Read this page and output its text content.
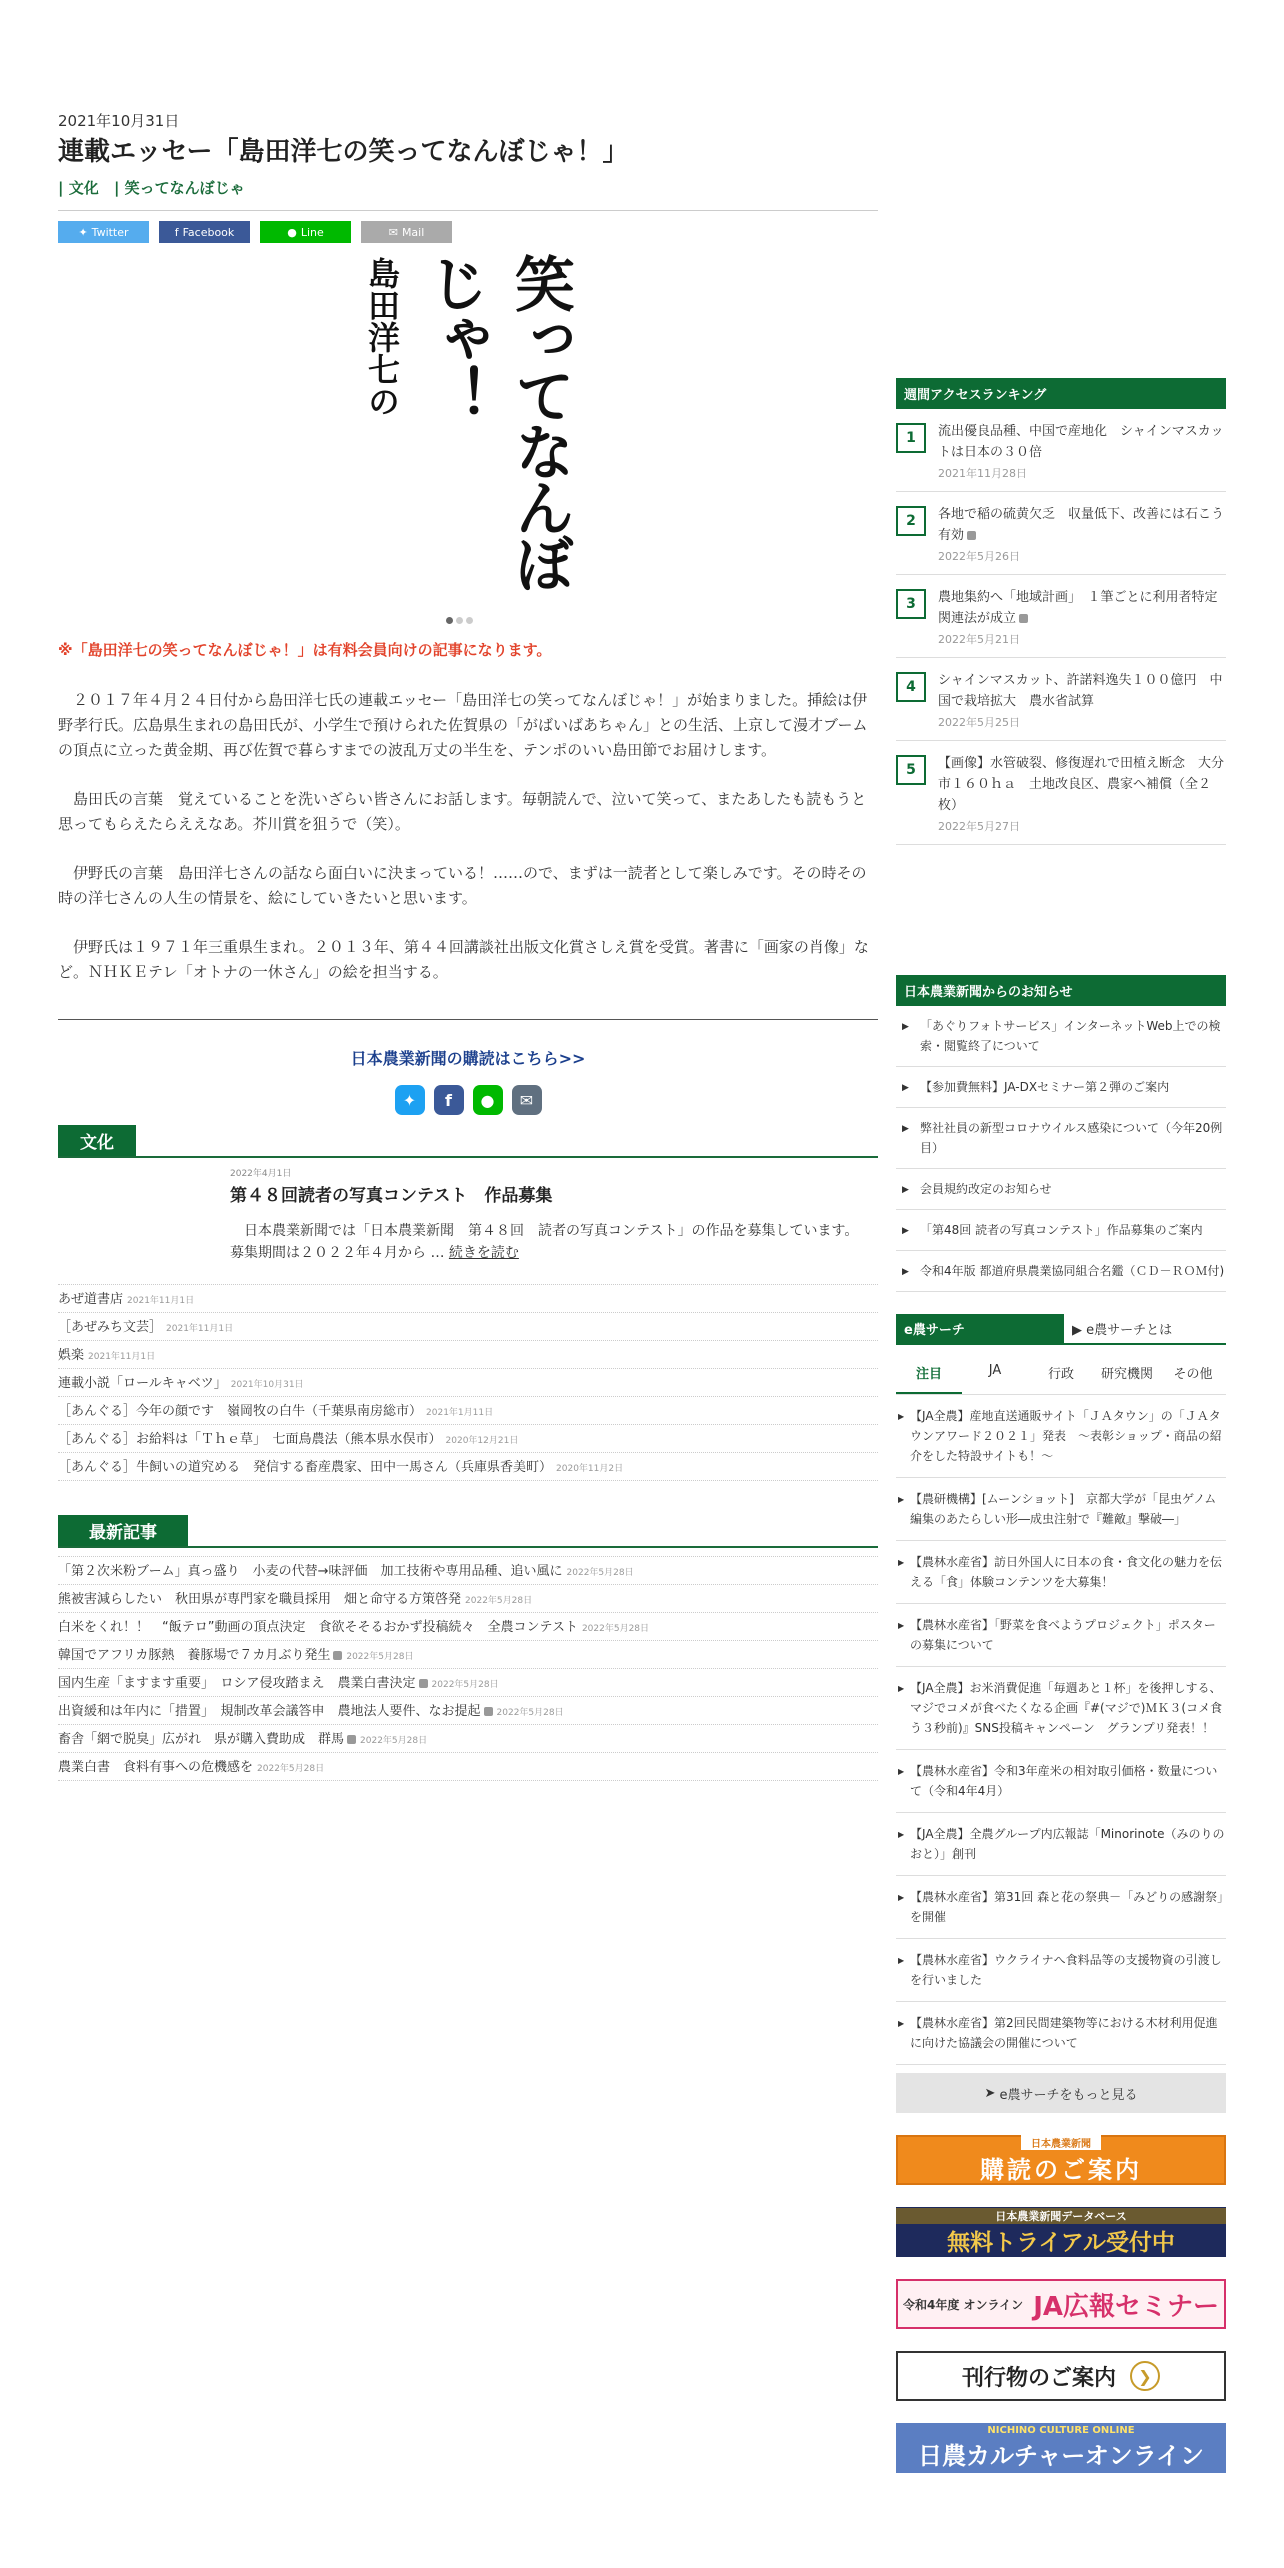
2021年10月31日
連載エッセー「島田洋七の笑ってなんぼじゃ！」
| 文化 | 笑ってなんぼじゃ
✦ Twitter	f Facebook	● Line	✉ Mail
島田洋七の	笑ってなんぼじゃ！
※「島田洋七の笑ってなんぼじゃ！」は有料会員向けの記事になります。

　２０１７年４月２４日付から島田洋七氏の連載エッセー「島田洋七の笑ってなんぼじゃ！」が始まりました。挿絵は伊野孝行氏。広島県生まれの島田氏が、小学生で預けられた佐賀県の「がばいばあちゃん」との生活、上京して漫才ブームの頂点に立った黄金期、再び佐賀で暮らすまでの波乱万丈の半生を、テンポのいい島田節でお届けします。

　島田氏の言葉　覚えていることを洗いざらい皆さんにお話します。毎朝読んで、泣いて笑って、またあしたも読もうと思ってもらえたらええなあ。芥川賞を狙うで（笑）。

　伊野氏の言葉　島田洋七さんの話なら面白いに決まっている！……ので、まずは一読者として楽しみです。その時その時の洋七さんの人生の情景を、絵にしていきたいと思います。

　伊野氏は１９７１年三重県生まれ。２０１３年、第４４回講談社出版文化賞さしえ賞を受賞。著書に「画家の肖像」など。ＮＨＫＥテレ「オトナの一休さん」の絵を担当する。

日本農業新聞の購読はこちら>>
✦	f	●	✉
文化
2022年4月1日
第４８回読者の写真コンテスト　作品募集
日本農業新聞では「日本農業新聞　第４８回　読者の写真コンテスト」の作品を募集しています。　募集期間は２０２２年４月から … 続きを読む
あぜ道書店 2021年11月1日
［あぜみち文芸］ 2021年11月1日
娯楽 2021年11月1日
連載小説「ロールキャベツ」 2021年10月31日
［あんぐる］今年の顔です　嶺岡牧の白牛（千葉県南房総市） 2021年1月11日
［あんぐる］お給料は「Ｔｈｅ草」　七面鳥農法（熊本県水俣市） 2020年12月21日
［あんぐる］牛飼いの道究める　発信する畜産農家、田中一馬さん（兵庫県香美町） 2020年11月2日
最新記事
「第２次米粉ブーム」真っ盛り　小麦の代替→味評価　加工技術や専用品種、追い風に 2022年5月28日
熊被害減らしたい　秋田県が専門家を職員採用　畑と命守る方策啓発 2022年5月28日
白米をくれ！！　“飯テロ”動画の頂点決定　食欲そそるおかず投稿続々　全農コンテスト 2022年5月28日
韓国でアフリカ豚熱　養豚場で７カ月ぶり発生 2022年5月28日
国内生産「ますます重要」　ロシア侵攻踏まえ　農業白書決定 2022年5月28日
出資緩和は年内に「措置」　規制改革会議答申　農地法人要件、なお提起 2022年5月28日
畜舎「網で脱臭」広がれ　県が購入費助成　群馬 2022年5月28日
農業白書　食料有事への危機感を 2022年5月28日
週間アクセスランキング
1	流出優良品種、中国で産地化　シャインマスカットは日本の３０倍
2021年11月28日
2	各地で稲の硫黄欠乏　収量低下、改善には石こう有効
2022年5月26日
3	農地集約へ「地域計画」　１筆ごとに利用者特定　関連法が成立
2022年5月21日
4	シャインマスカット、許諾料逸失１００億円　中国で栽培拡大　農水省試算
2022年5月25日
5	【画像】水管破裂、修復遅れで田植え断念　大分市１６０ｈａ　土地改良区、農家へ補償（全２枚）
2022年5月27日
日本農業新聞からのお知らせ
▶ 「あぐりフォトサービス」インターネットWeb上での検索・閲覧終了について
▶ 【参加費無料】JA-DXセミナー第２弾のご案内
▶ 弊社社員の新型コロナウイルス感染について（今年20例目）
▶ 会員規約改定のお知らせ
▶ 「第48回 読者の写真コンテスト」作品募集のご案内
▶ 令和4年版 都道府県農業協同組合名鑑（ＣＤ－ＲＯＭ付)
e農サーチ	▶ e農サーチとは
注目	JA	行政	研究機関	その他
▶ 【JA全農】産地直送通販サイト「ＪＡタウン」の「ＪＡタウンアワード２０２１」発表　～表彰ショップ・商品の紹介をした特設サイトも！～
▶ 【農研機構】[ムーンショット]　京都大学が「昆虫ゲノム編集のあたらしい形―成虫注射で『難敵』撃破―」
▶ 【農林水産省】訪日外国人に日本の食・食文化の魅力を伝える「食」体験コンテンツを大募集！
▶ 【農林水産省】「野菜を食べようプロジェクト」ポスターの募集について
▶ 【JA全農】お米消費促進「毎週あと１杯」を後押しする、マジでコメが食べたくなる企画『#(マジで)ＭＫ３(コメ食う３秒前)』SNS投稿キャンペーン　グランプリ発表！！
▶ 【農林水産省】令和3年産米の相対取引価格・数量について（令和4年4月）
▶ 【JA全農】全農グループ内広報誌「Minorinote（みのりのおと）」創刊
▶ 【農林水産省】第31回 森と花の祭典－「みどりの感謝祭」を開催
▶ 【農林水産省】ウクライナへ食料品等の支援物資の引渡しを行いました
▶ 【農林水産省】第2回民間建築物等における木材利用促進に向けた協議会の開催について
➤ e農サーチをもっと見る
日本農業新聞
購読のご案内
日本農業新聞データベース
無料トライアル受付中
令和4年度 オンライン JA広報セミナー
刊行物のご案内	❯
NICHINO CULTURE ONLINE
日農カルチャーオンライン
